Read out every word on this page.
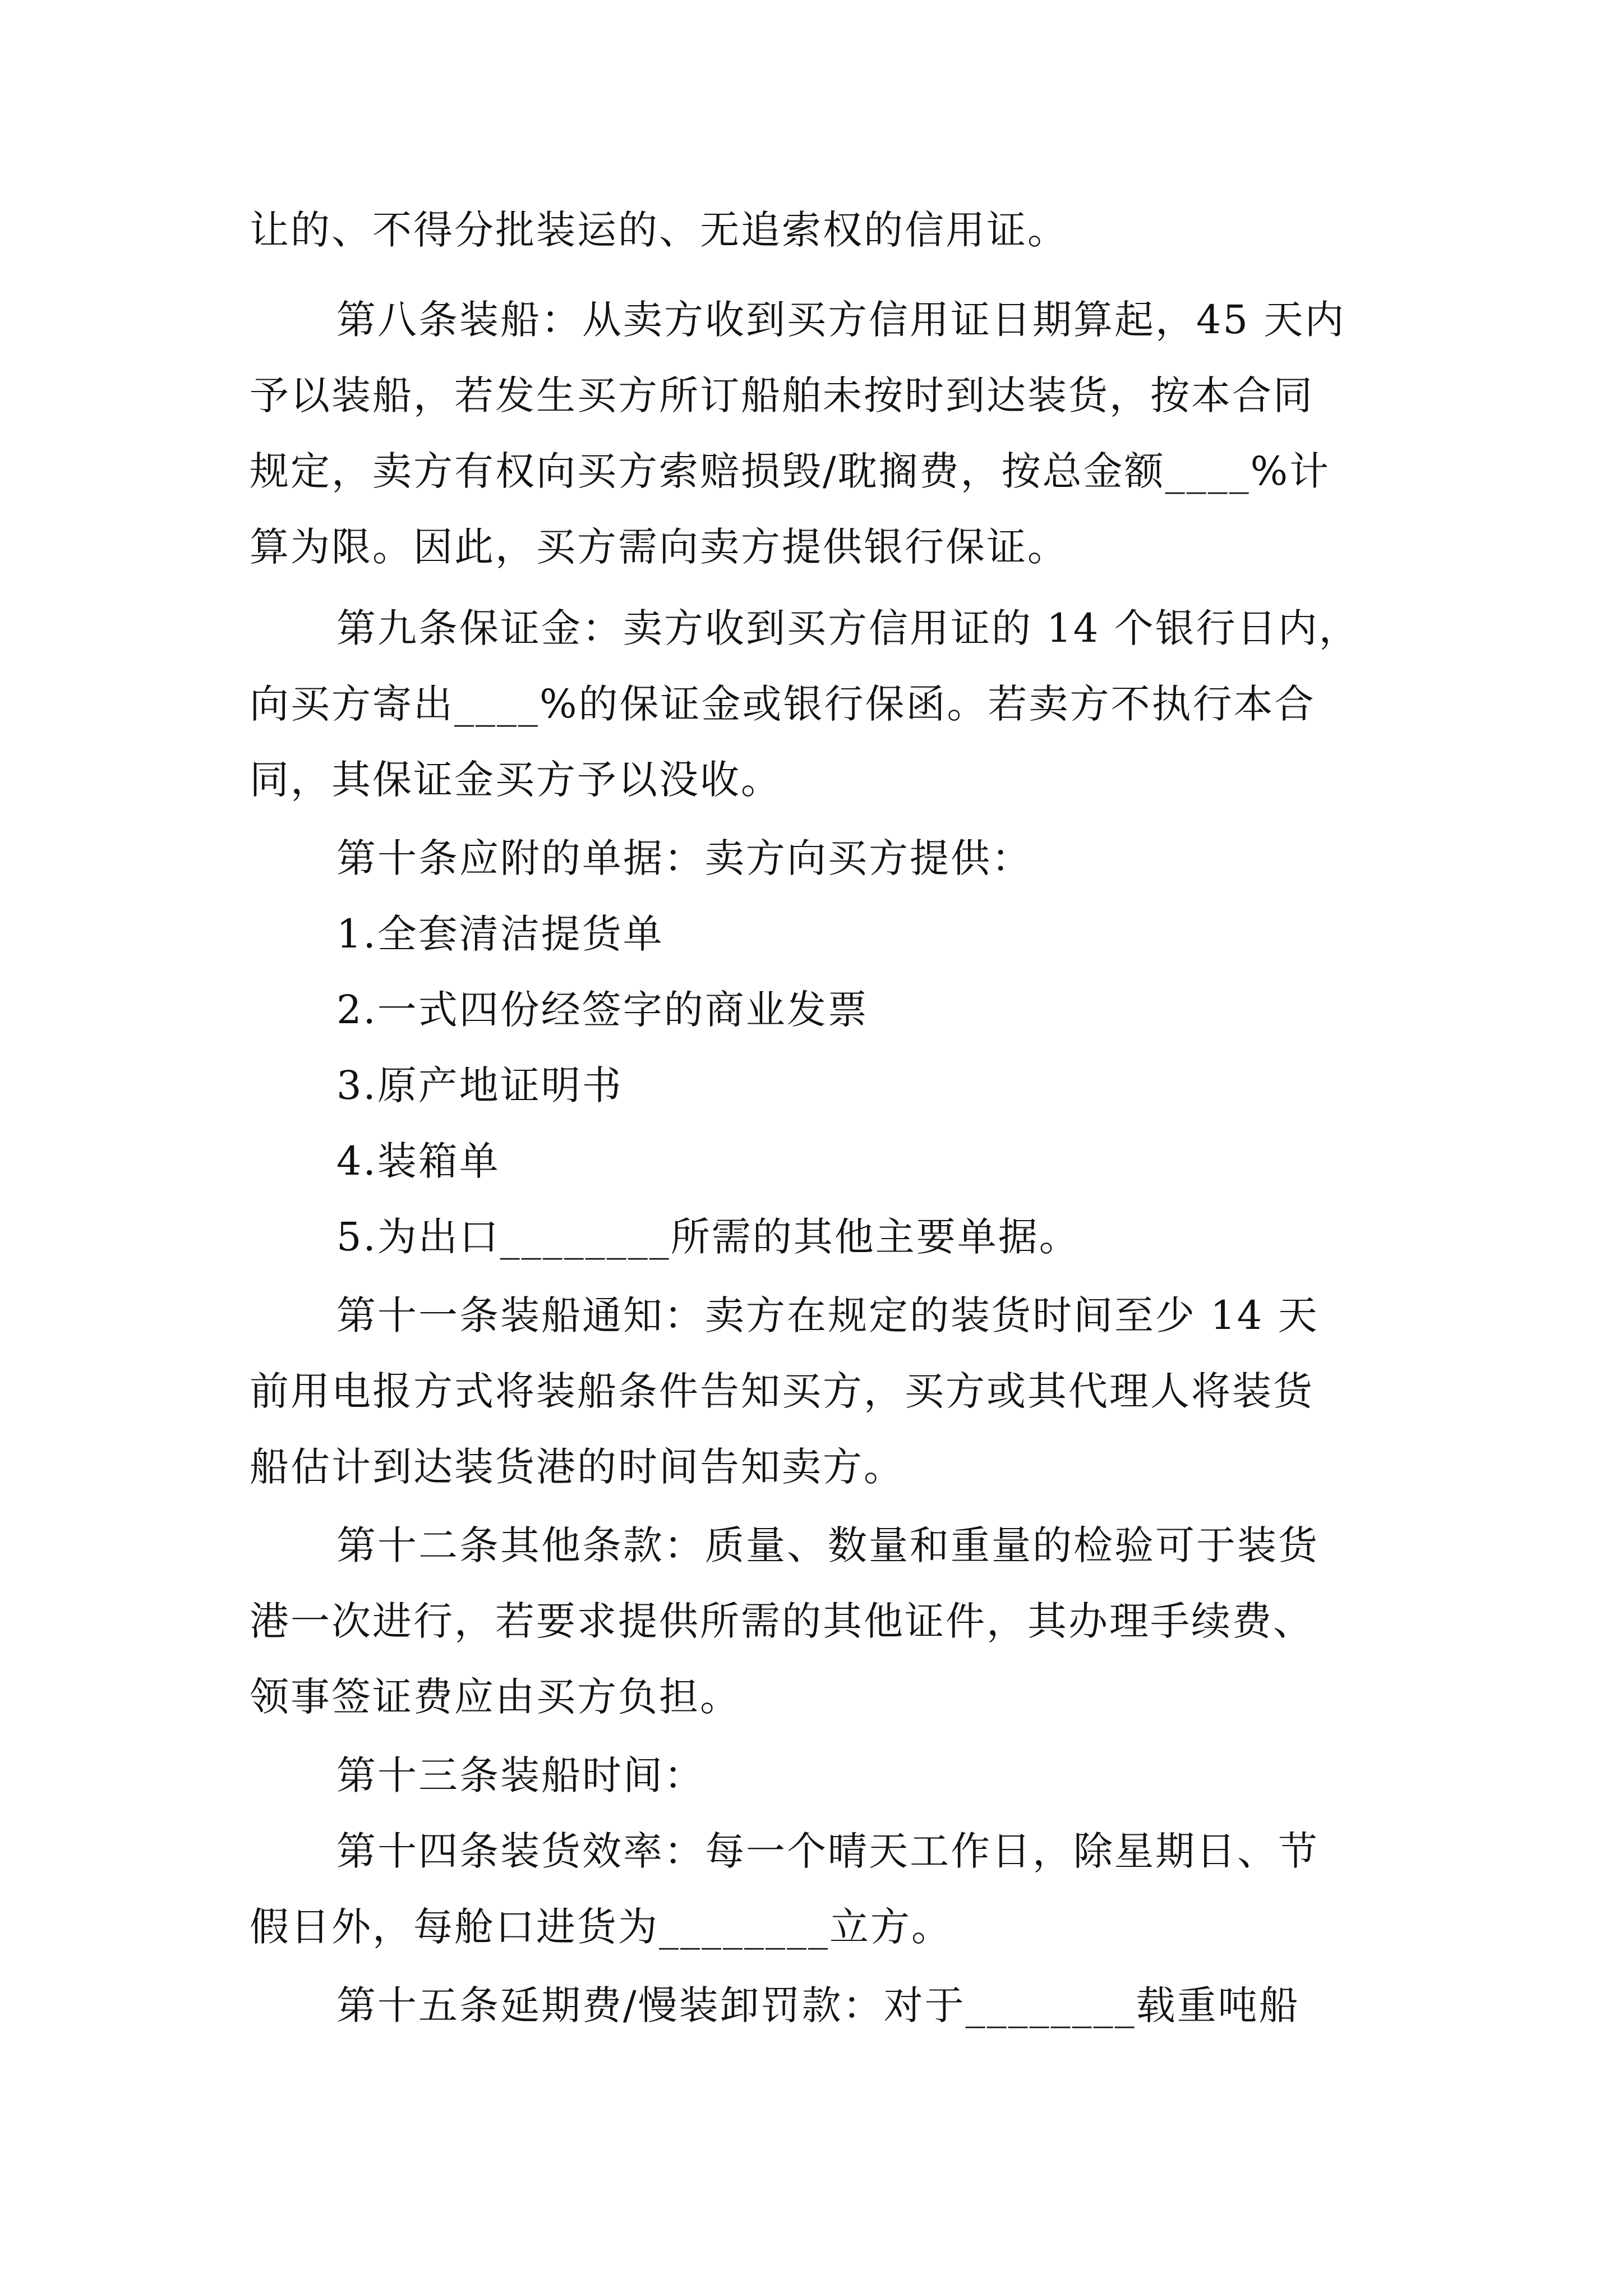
让的、不得分批装运的、无追索权的信用证。
第八条装船：从卖方收到买方信用证日期算起，45 天内
予以装船，若发生买方所订船舶未按时到达装货，按本合同
规定，卖方有权向买方索赔损毁/耽搁费，按总金额____%计
算为限。因此，买方需向卖方提供银行保证。
第九条保证金：卖方收到买方信用证的 14 个银行日内，
向买方寄出____%的保证金或银行保函。若卖方不执行本合
同，其保证金买方予以没收。
第十条应附的单据：卖方向买方提供：
1.全套清洁提货单
2.一式四份经签字的商业发票
3.原产地证明书
4.装箱单
5.为出口________所需的其他主要单据。
第十一条装船通知：卖方在规定的装货时间至少 14 天
前用电报方式将装船条件告知买方，买方或其代理人将装货
船估计到达装货港的时间告知卖方。
第十二条其他条款：质量、数量和重量的检验可于装货
港一次进行，若要求提供所需的其他证件，其办理手续费、
领事签证费应由买方负担。
第十三条装船时间：
第十四条装货效率：每一个晴天工作日，除星期日、节
假日外，每舱口进货为________立方。
第十五条延期费/慢装卸罚款：对于________载重吨船
